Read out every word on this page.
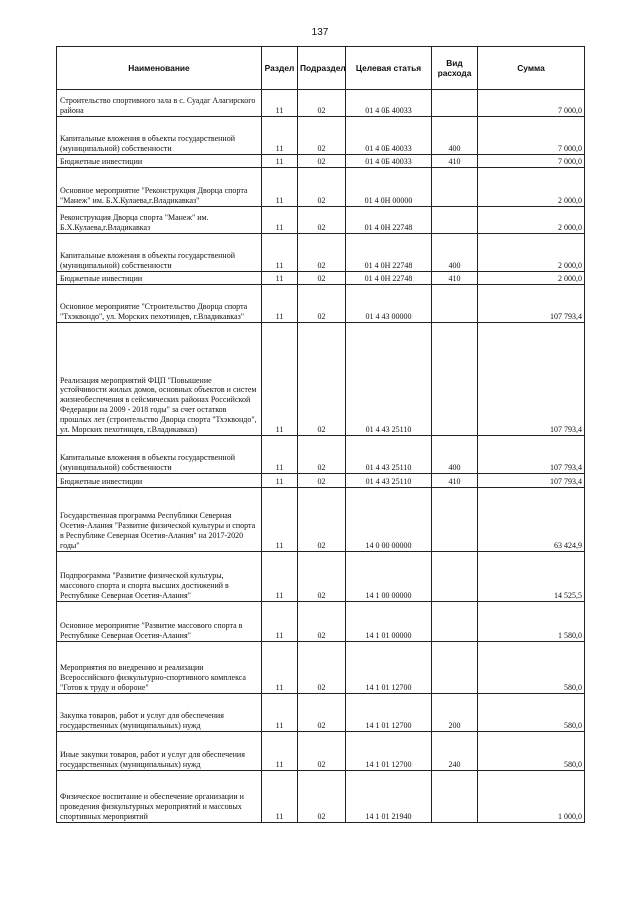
137
Наименование	Раздел	Подраздел	Целевая статья	Вид расхода	Сумма
Строительство спортивного зала в с. Суадаг Алагирского района	11	02	01 4 0Б 40033		7 000,0
Капитальные вложения в объекты государственной (муниципальной) собственности	11	02	01 4 0Б 40033	400	7 000,0
Бюджетные инвестиции	11	02	01 4 0Б 40033	410	7 000,0
Основное мероприятие "Реконструкция Дворца спорта "Манеж" им. Б.Х.Кулаева,г.Владикавказ"	11	02	01 4 0Н 00000		2 000,0
Реконструкция Дворца спорта "Манеж" им. Б.Х.Кулаева,г.Владикавказ	11	02	01 4 0Н 22748		2 000,0
Капитальные вложения в объекты государственной (муниципальной) собственности	11	02	01 4 0Н 22748	400	2 000,0
Бюджетные инвестиции	11	02	01 4 0Н 22748	410	2 000,0
Основное мероприятие "Строительство Дворца спорта "Тхэквондо", ул. Морских пехотинцев, г.Владикавказ"	11	02	01 4 43 00000		107 793,4
Реализация мероприятий ФЦП "Повышение устойчивости жилых домов, основных объектов и систем жизнеобеспечения в сейсмических районах Российской Федерации на 2009 - 2018 годы" за счет остатков прошлых лет (строительство Дворца спорта "Тхэквондо", ул. Морских пехотинцев, г.Владикавказ)	11	02	01 4 43 25110		107 793,4
Капитальные вложения в объекты государственной (муниципальной) собственности	11	02	01 4 43 25110	400	107 793,4
Бюджетные инвестиции	11	02	01 4 43 25110	410	107 793,4
Государственная программа Республики Северная Осетия-Алания "Развитие физической культуры и спорта в Республике Северная Осетия-Алания" на 2017-2020 годы"	11	02	14 0 00 00000		63 424,9
Подпрограмма "Развитие физической культуры, массового спорта и спорта высших достижений в Республике Северная Осетия-Алания"	11	02	14 1 00 00000		14 525,5
Основное мероприятие "Развитие массового спорта в Республике Северная Осетия-Алания"	11	02	14 1 01 00000		1 580,0
Мероприятия по внедрению и реализации Всероссийского физкультурно-спортивного комплекса "Готов к труду и обороне"	11	02	14 1 01 12700		580,0
Закупка товаров, работ и услуг для обеспечения государственных (муниципальных) нужд	11	02	14 1 01 12700	200	580,0
Иные закупки товаров, работ и услуг для обеспечения государственных (муниципальных) нужд	11	02	14 1 01 12700	240	580,0
Физическое воспитание и обеспечение организации и проведения физкультурных мероприятий и массовых спортивных мероприятий	11	02	14 1 01 21940		1 000,0
